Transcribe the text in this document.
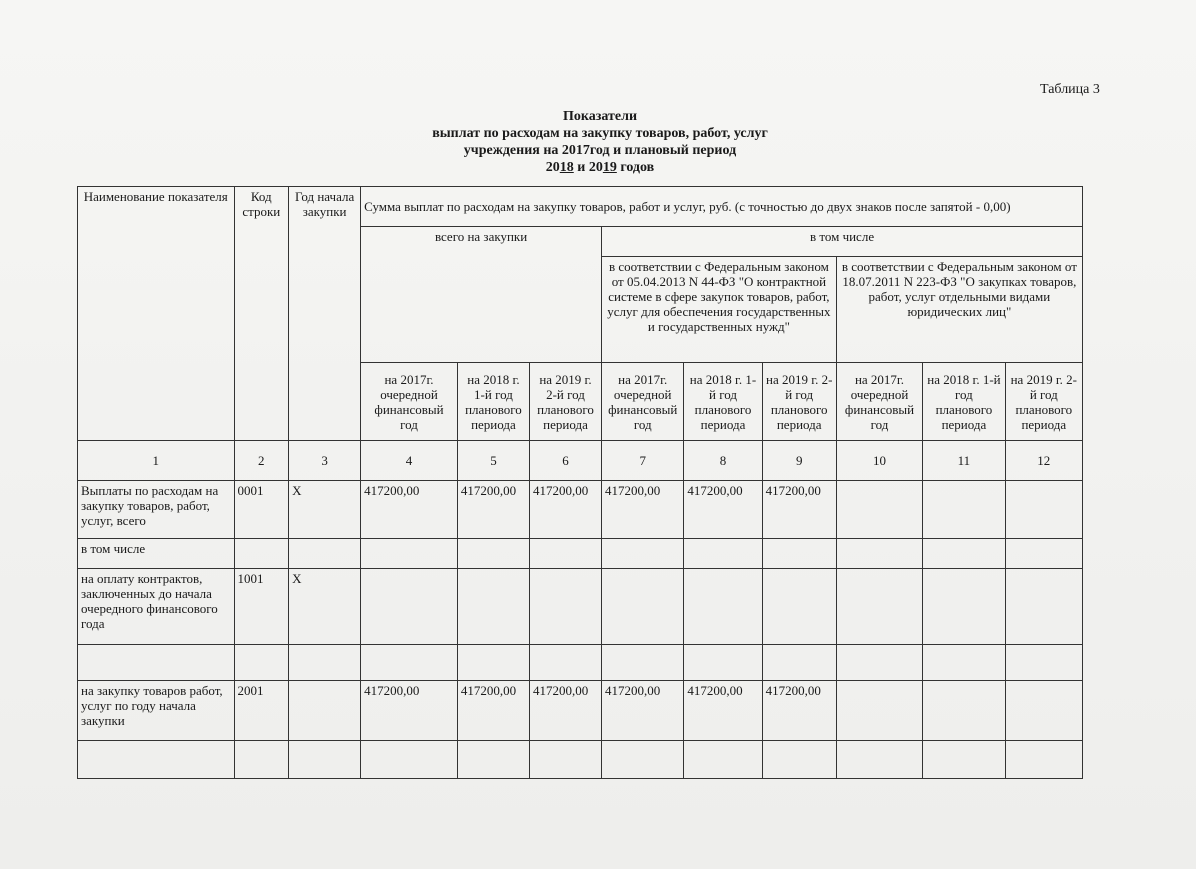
Таблица 3
Показатели
выплат по расходам на закупку товаров, работ, услуг
учреждения на 2017год и плановый период
2018 и 2019 годов
Наименование показателя	Код строки	Год начала закупки	Сумма выплат по расходам на закупку товаров, работ и услуг, руб. (с точностью до двух знаков после запятой - 0,00)								
			всего на закупки			в том числе					
						в соответствии с Федеральным законом от 05.04.2013 N 44-ФЗ "О контрактной системе в сфере закупок товаров, работ, услуг для обеспечения государственных и государственных нужд"			в соответствии с Федеральным законом от 18.07.2011 N 223-ФЗ "О закупках товаров, работ, услуг отдельными видами юридических лиц"		
			на 2017г. очередной финансовый год	на 2018 г. 1-й год планового периода	на 2019 г. 2-й год планового периода	на 2017г. очередной финансовый год	на 2018 г. 1-й год планового периода	на 2019 г. 2-й год планового периода	на 2017г. очередной финансовый год	на 2018 г. 1-й год планового периода	на 2019 г. 2-й год планового периода
1	2	3	4	5	6	7	8	9	10	11	12
Выплаты по расходам на закупку товаров, работ, услуг, всего	0001	Х	417200,00	417200,00	417200,00	417200,00	417200,00	417200,00			
в том числе											
на оплату контрактов, заключенных до начала очередного финансового года	1001	Х									

на закупку товаров работ, услуг по году начала закупки	2001		417200,00	417200,00	417200,00	417200,00	417200,00	417200,00			
